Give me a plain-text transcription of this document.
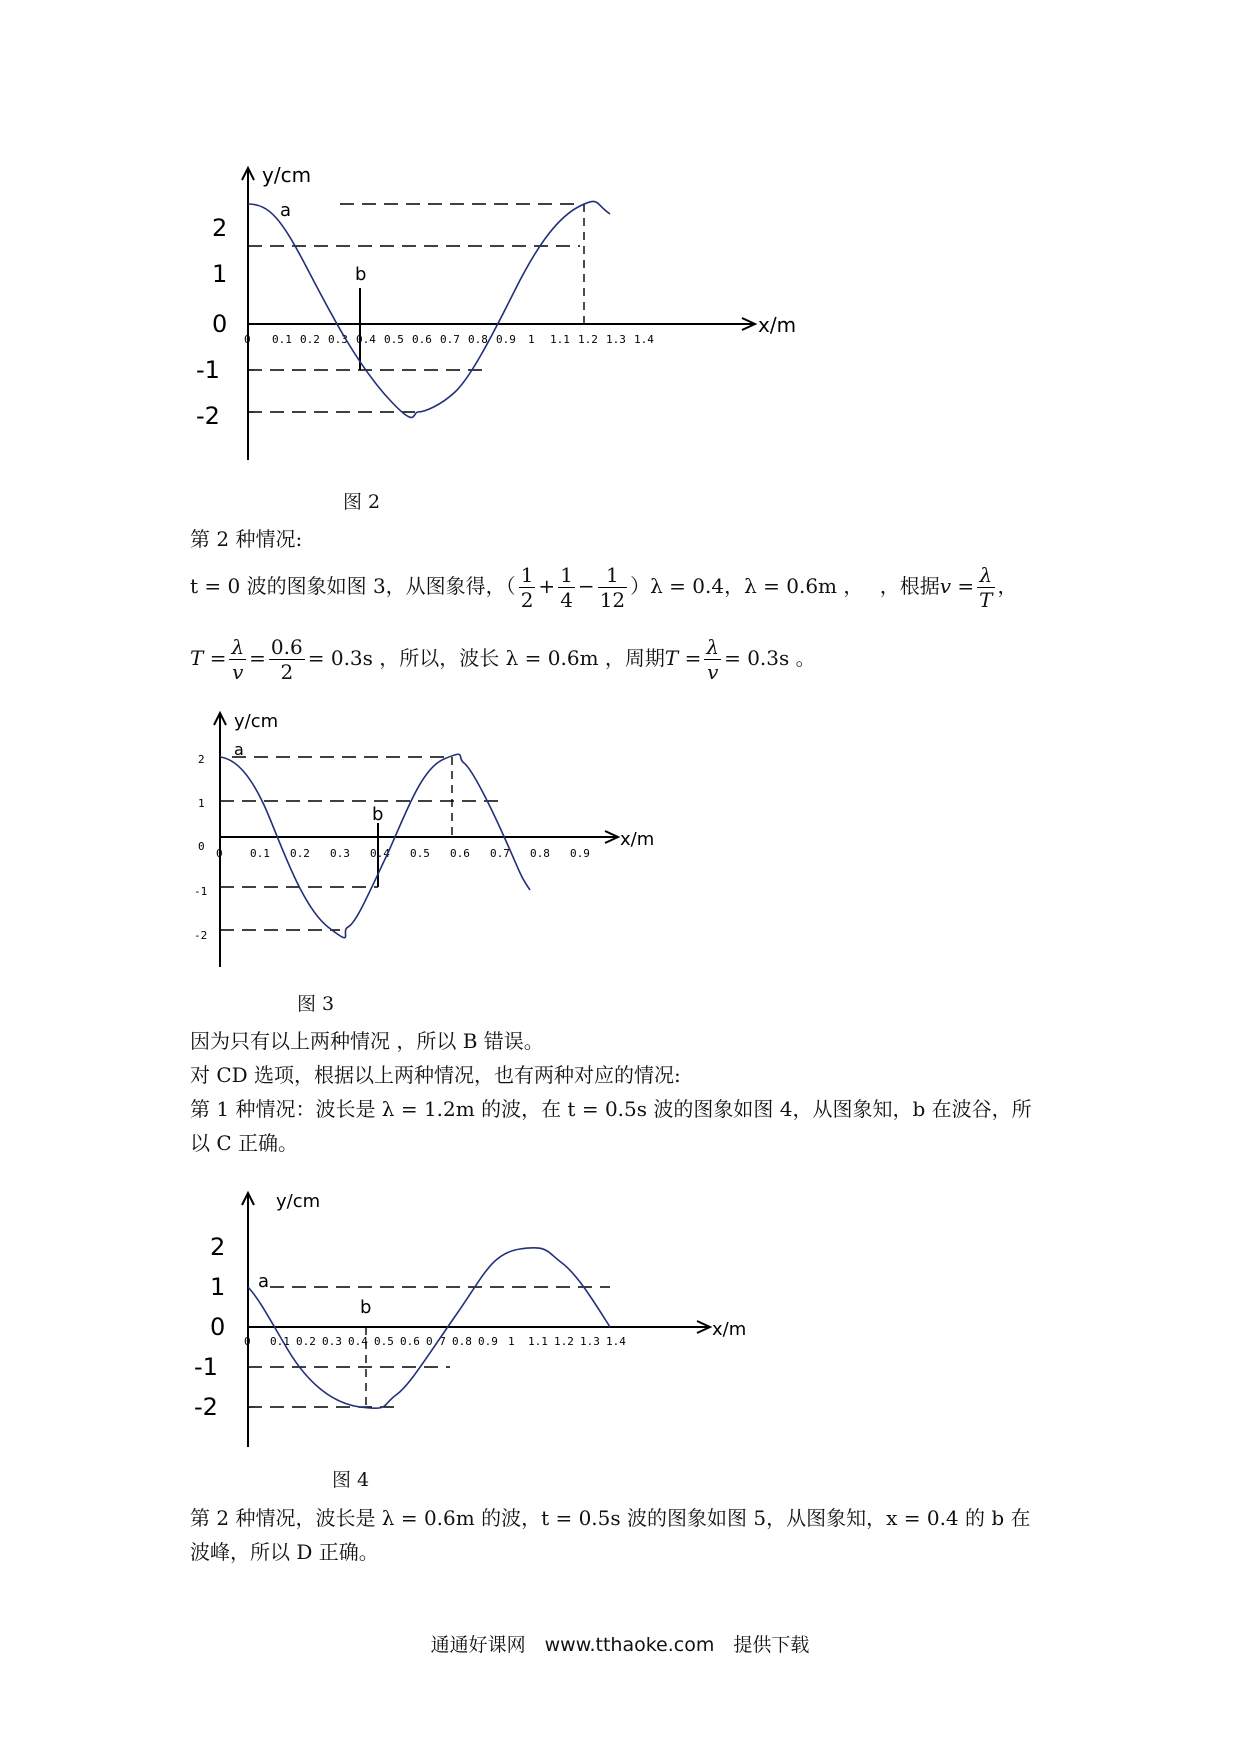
y/cm
x/m
2
1
0
-1
-2
0 0.1 0.2 0.3 0.4 0.5 0.6 0.7 0.8 0.9 1 1.1 1.2 1.3 1.4
a
b
图 2
第 2 种情况:
t = 0 波的图象如图 3，从图象得，（ $\frac{1}{2} + \frac{1}{4} - \frac{1}{12} )\lambda = 0.4$，λ = 0.6m ，　 ，根据$v = \frac{\lambda}{T}$ ，
$T = \frac{\lambda}{v} = \frac{0.6}{2} = 0.3s$ ，所以，波长 λ = 0.6m ，周期$T = \frac{\lambda}{v} = 0.3s$ 。
y/cm
x/m
2
1
0
-1
-2
0 0.1 0.2 0.3 0.4 0.5 0.6 0.7 0.8 0.9
a
b
图 3
因为只有以上两种情况 ，所以 B 错误。
对 CD 选项，根据以上两种情况，也有两种对应的情况:
第 1 种情况：波长是 λ = 1.2m 的波，在 t = 0.5s 波的图象如图 4，从图象知，b 在波谷，所
以 C 正确。
y/cm
x/m
2
1
0
-1
-2
0 0.1 0.2 0.3 0.4 0.5 0.6 0.7 0.8 0.9 1 1.1 1.2 1.3 1.4
a
b
图 4
第 2 种情况，波长是 λ = 0.6m 的波，t = 0.5s 波的图象如图 5，从图象知，x = 0.4 的 b 在
波峰，所以 D 正确。
通通好课网　www.tthaoke.com　提供下载
